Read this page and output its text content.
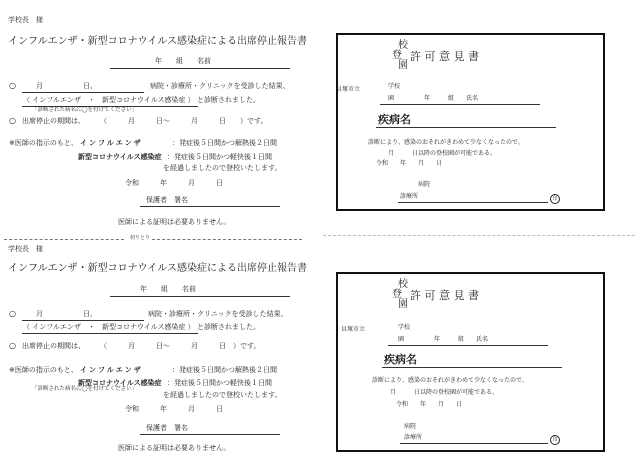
学校長　様
インフルエンザ・新型コロナウイルス感染症による出席停止報告書
年　　組　　名前
○	月	日、	病院・診療所・クリニックを受診した結果、
（ インフルエンザ　・　新型コロナウイルス感染症 ） と診断されました。
「診断された病名に◯を付けてください」
○ 出席停止の期間は、 （　　　月　　　日～　　　月　　　日　　）です。
※医師の指示のもと、 インフルエンザ	：発症後５日間かつ解熱後２日間
新型コロナウイルス感染症 ：発症後５日間かつ軽快後１日間
を経過しましたので登校いたします。
令和　　　年　　　月　　　日
保護者　署名
医師による証明は必要ありません。
切りとり
学校長　様
インフルエンザ・新型コロナウイルス感染症による出席停止報告書
年　　組　　名前
○	月	日、	病院・診療所・クリニックを受診した結果、
（ インフルエンザ　・　新型コロナウイルス感染症 ） と診断されました。
○ 出席停止の期間は、 （　　　月　　　日～　　　月　　　日　）です。
※医師の指示のもと、 インフルエンザ	：発症後５日間かつ解熱後２日間
新型コロナウイルス感染症 ：発症後５日間かつ軽快後１日間
を経過しましたので登校いたします。
「診断された病名に◯を付けてください」
令和　　　年　　　月　　　日
保護者　署名
医師による証明は必要ありません。
校
登
園
許 可 意 見 書
貝塚市立	学校
園　　　　　年　　　組　　氏名
疾病名
診断により、感染のおそれがきわめて少なくなったので、
月　　　日以降の登校園が可能である。
令和　　年　　月　　日
病院
診療所	印
校
登
園
許 可 意 見 書
貝塚市立	学校
園　　　　　年　　　組　　氏名
疾病名
診断により、感染のおそれがきわめて少なくなったので、
月　　　日以降の登校園が可能である。
令和　　年　　月　　日
病院
診療所	印
